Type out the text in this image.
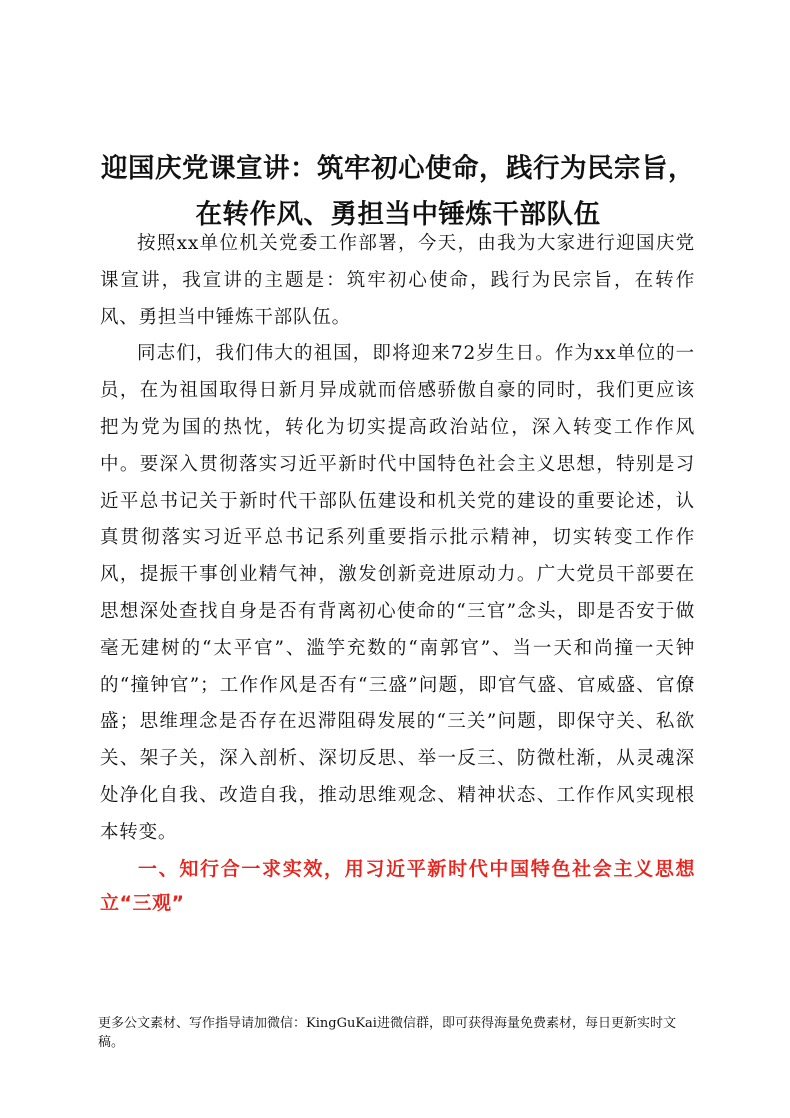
迎国庆党课宣讲：筑牢初心使命，践行为民宗旨，在转作风、勇担当中锤炼干部队伍

按照xx单位机关党委工作部署，今天，由我为大家进行迎国庆党课宣讲，我宣讲的主题是：筑牢初心使命，践行为民宗旨，在转作风、勇担当中锤炼干部队伍。

同志们，我们伟大的祖国，即将迎来72岁生日。作为xx单位的一员，在为祖国取得日新月异成就而倍感骄傲自豪的同时，我们更应该把为党为国的热忱，转化为切实提高政治站位，深入转变工作作风中。要深入贯彻落实习近平新时代中国特色社会主义思想，特别是习近平总书记关于新时代干部队伍建设和机关党的建设的重要论述，认真贯彻落实习近平总书记系列重要指示批示精神，切实转变工作作风，提振干事创业精气神，激发创新竞进原动力。广大党员干部要在思想深处查找自身是否有背离初心使命的“三官”念头，即是否安于做毫无建树的“太平官”、滥竽充数的“南郭官”、当一天和尚撞一天钟的“撞钟官”；工作作风是否有“三盛”问题，即官气盛、官威盛、官僚盛；思维理念是否存在迟滞阻碍发展的“三关”问题，即保守关、私欲关、架子关，深入剖析、深切反思、举一反三、防微杜渐，从灵魂深处净化自我、改造自我，推动思维观念、精神状态、工作作风实现根本转变。

一、知行合一求实效，用习近平新时代中国特色社会主义思想立“三观”

更多公文素材、写作指导请加微信：KingGuKai进微信群，即可获得海量免费素材，每日更新实时文稿。
